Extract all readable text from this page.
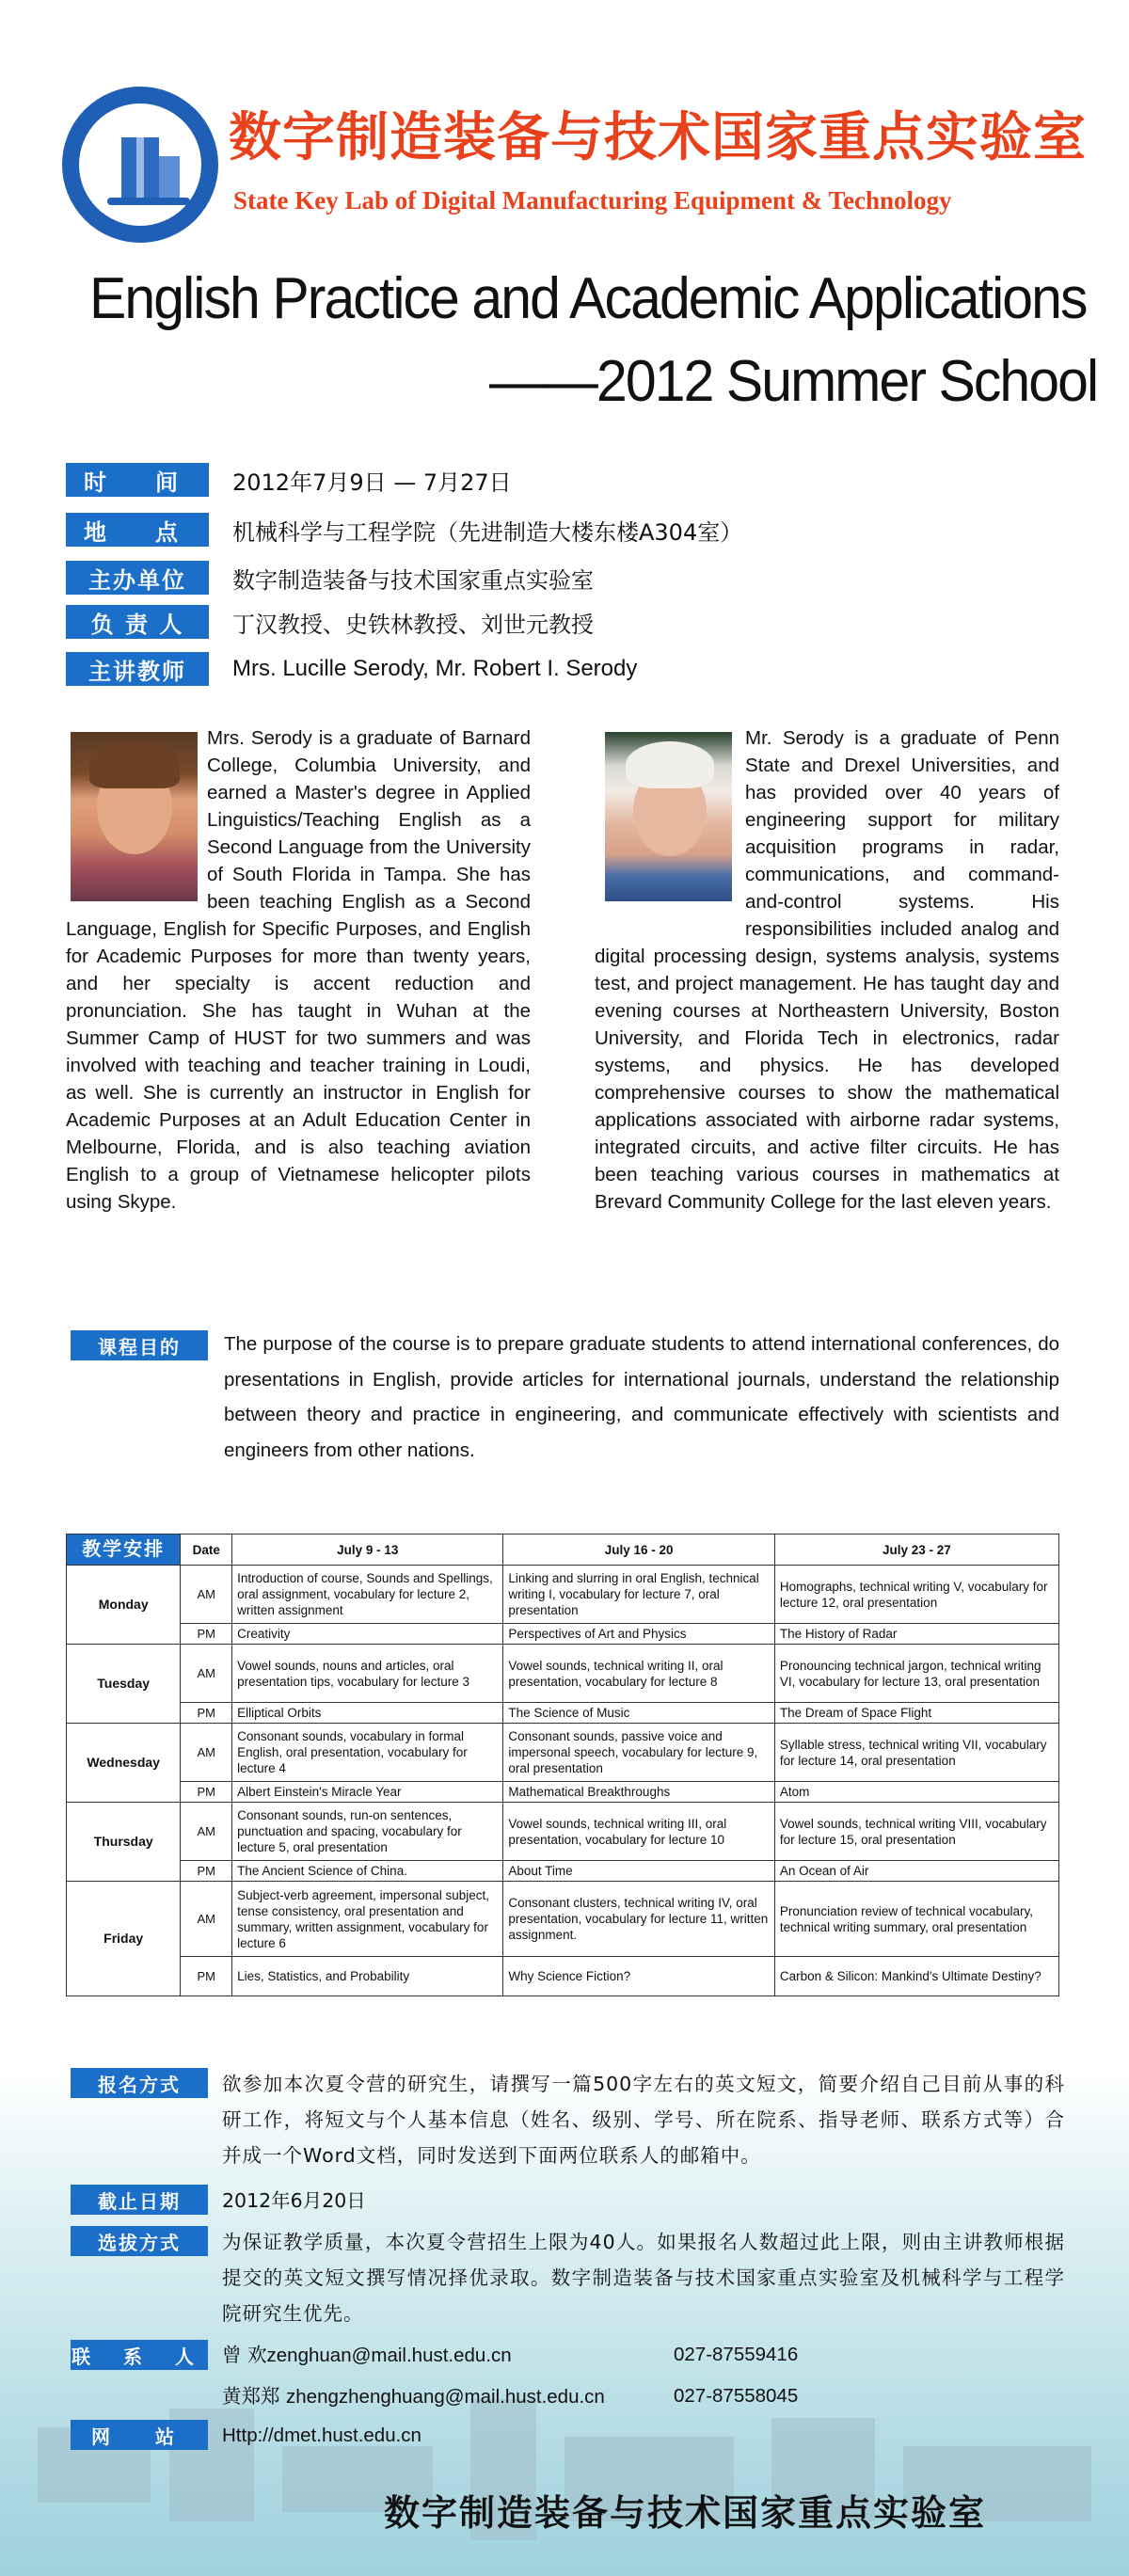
数字制造装备与技术国家重点实验室
State Key Lab of Digital Manufacturing Equipment & Technology
English Practice and Academic Applications
——2012 Summer School
时　间	2012年7月9日 — 7月27日
地　点	机械科学与工程学院（先进制造大楼东楼A304室）
主办单位	数字制造装备与技术国家重点实验室
负 责 人	丁汉教授、史铁林教授、刘世元教授
主讲教师	Mrs. Lucille Serody, Mr. Robert I. Serody

Mrs. Serody is a graduate of Barnard College, Columbia University, and earned a Master's degree in Applied Linguistics/Teaching English as a Second Language from the University of South Florida in Tampa. She has been teaching English as a Second Language, English for Specific Purposes, and English for Academic Purposes for more than twenty years, and her specialty is accent reduction and pronunciation. She has taught in Wuhan at the Summer Camp of HUST for two summers and was involved with teaching and teacher training in Loudi, as well. She is currently an instructor in English for Academic Purposes at an Adult Education Center in Melbourne, Florida, and is also teaching aviation English to a group of Vietnamese helicopter pilots using Skype.

Mr. Serody is a graduate of Penn State and Drexel Universities, and has provided over 40 years of engineering support for military acquisition programs in radar, communications, and command-and-control systems. His responsibilities included analog and digital processing design, systems analysis, systems test, and project management. He has taught day and evening courses at Northeastern University, Boston University, and Florida Tech in electronics, radar systems, and physics. He has developed comprehensive courses to show the mathematical applications associated with airborne radar systems, integrated circuits, and active filter circuits. He has been teaching various courses in mathematics at Brevard Community College for the last eleven years.

课程目的	The purpose of the course is to prepare graduate students to attend international conferences, do presentations in English, provide articles for international journals, understand the relationship between theory and practice in engineering, and communicate effectively with scientists and engineers from other nations.
教学安排	Date	July 9 - 13	July 16 - 20	July 23 - 27
Monday	AM	Introduction of course, Sounds and Spellings, oral assignment, vocabulary for lecture 2, written assignment	Linking and slurring in oral English, technical writing I, vocabulary for lecture 7, oral presentation	Homographs, technical writing V, vocabulary for lecture 12, oral presentation
	PM	Creativity	Perspectives of Art and Physics	The History of Radar
Tuesday	AM	Vowel sounds, nouns and articles, oral presentation tips, vocabulary for lecture 3	Vowel sounds, technical writing II, oral presentation, vocabulary for lecture 8	Pronouncing technical jargon, technical writing VI, vocabulary for lecture 13, oral presentation
	PM	Elliptical Orbits	The Science of Music	The Dream of Space Flight
Wednesday	AM	Consonant sounds, vocabulary in formal English, oral presentation, vocabulary for lecture 4	Consonant sounds, passive voice and impersonal speech, vocabulary for lecture 9, oral presentation	Syllable stress, technical writing VII, vocabulary for lecture 14, oral presentation
	PM	Albert Einstein's Miracle Year	Mathematical Breakthroughs	Atom
Thursday	AM	Consonant sounds, run-on sentences, punctuation and spacing, vocabulary for lecture 5, oral presentation	Vowel sounds, technical writing III, oral presentation, vocabulary for lecture 10	Vowel sounds, technical writing VIII, vocabulary for lecture 15, oral presentation
	PM	The Ancient Science of China.	About Time	An Ocean of Air
Friday	AM	Subject-verb agreement, impersonal subject, tense consistency, oral presentation and summary, written assignment, vocabulary for lecture 6	Consonant clusters, technical writing IV, oral presentation, vocabulary for lecture 11, written assignment.	Pronunciation review of technical vocabulary, technical writing summary, oral presentation
	PM	Lies, Statistics, and Probability	Why Science Fiction?	Carbon & Silicon: Mankind's Ultimate Destiny?
报名方式	欲参加本次夏令营的研究生，请撰写一篇500字左右的英文短文，简要介绍自己目前从事的科研工作，将短文与个人基本信息（姓名、级别、学号、所在院系、指导老师、联系方式等）合并成一个Word文档，同时发送到下面两位联系人的邮箱中。
截止日期	2012年6月20日
选拔方式	为保证教学质量，本次夏令营招生上限为40人。如果报名人数超过此上限，则由主讲教师根据提交的英文短文撰写情况择优录取。数字制造装备与技术国家重点实验室及机械科学与工程学院研究生优先。
联 系 人 曾 欢zenghuan@mail.hust.edu.cn	027-87559416
黄郑郑 zhengzhenghuang@mail.hust.edu.cn	027-87558045
网　站	Http://dmet.hust.edu.cn
数字制造装备与技术国家重点实验室
